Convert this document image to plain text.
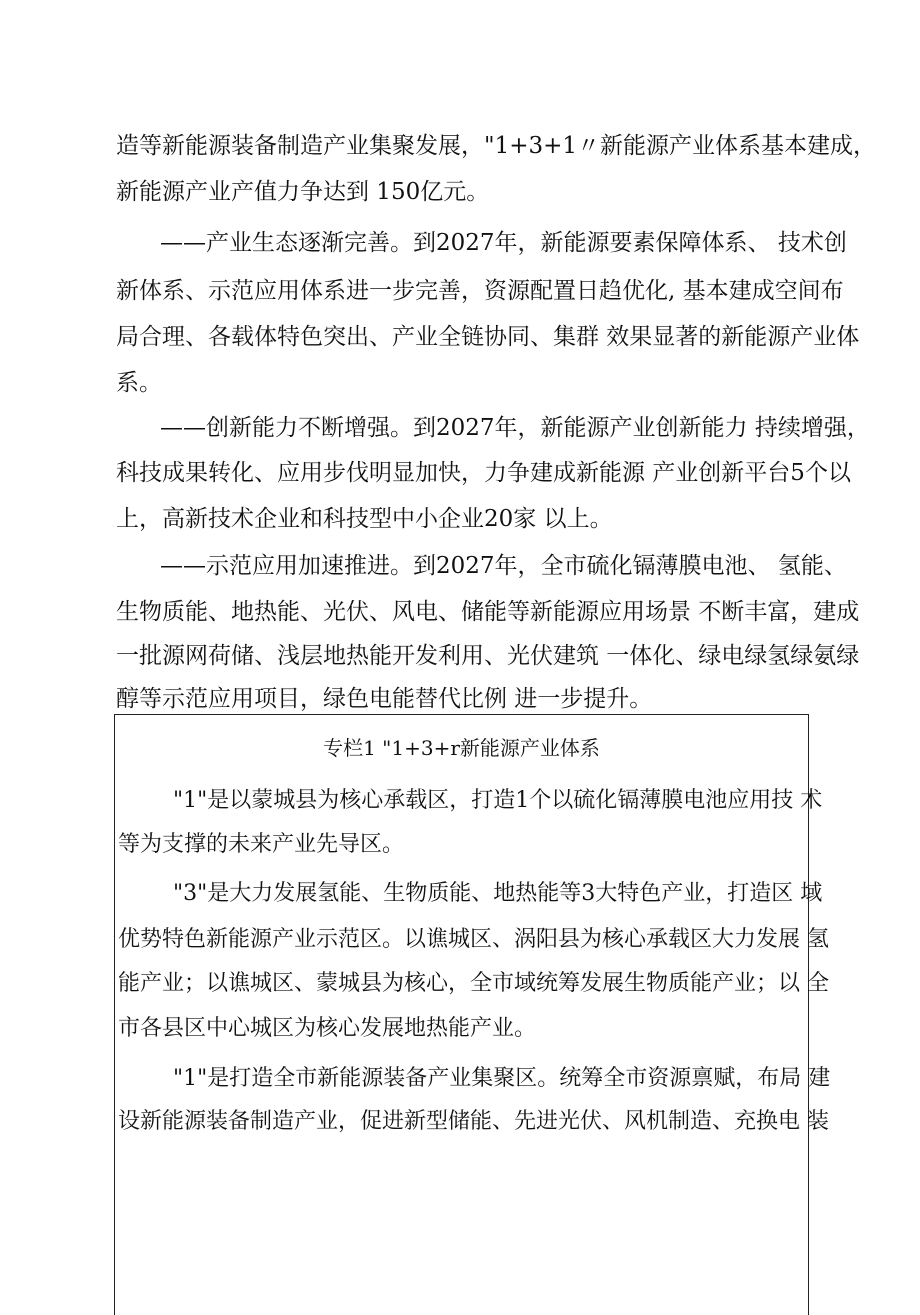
造等新能源装备制造产业集聚发展，"1+3+1〃新能源产业体系基本建成，

新能源产业产值力争达到 150亿元。

——产业生态逐渐完善。到2027年，新能源要素保障体系、 技术创

新体系、示范应用体系进一步完善，资源配置日趋优化, 基本建成空间布

局合理、各载体特色突出、产业全链协同、集群 效果显著的新能源产业体

系。

——创新能力不断增强。到2027年，新能源产业创新能力 持续增强，

科技成果转化、应用步伐明显加快，力争建成新能源 产业创新平台5个以

上，高新技术企业和科技型中小企业20家 以上。

——示范应用加速推进。到2027年，全市硫化镉薄膜电池、 氢能、

生物质能、地热能、光伏、风电、储能等新能源应用场景 不断丰富，建成

一批源网荷储、浅层地热能开发利用、光伏建筑 一体化、绿电绿氢绿氨绿

醇等示范应用项目，绿色电能替代比例 进一步提升。

专栏1 "1+3+r新能源产业体系

"1"是以蒙城县为核心承载区，打造1个以硫化镉薄膜电池应用技 术

等为支撑的未来产业先导区。

"3"是大力发展氢能、生物质能、地热能等3大特色产业，打造区 域

优势特色新能源产业示范区。以谯城区、涡阳县为核心承载区大力发展 氢

能产业；以谯城区、蒙城县为核心，全市域统筹发展生物质能产业；以 全

市各县区中心城区为核心发展地热能产业。

"1"是打造全市新能源装备产业集聚区。统筹全市资源禀赋，布局 建

设新能源装备制造产业，促进新型储能、先进光伏、风机制造、充换电 装
